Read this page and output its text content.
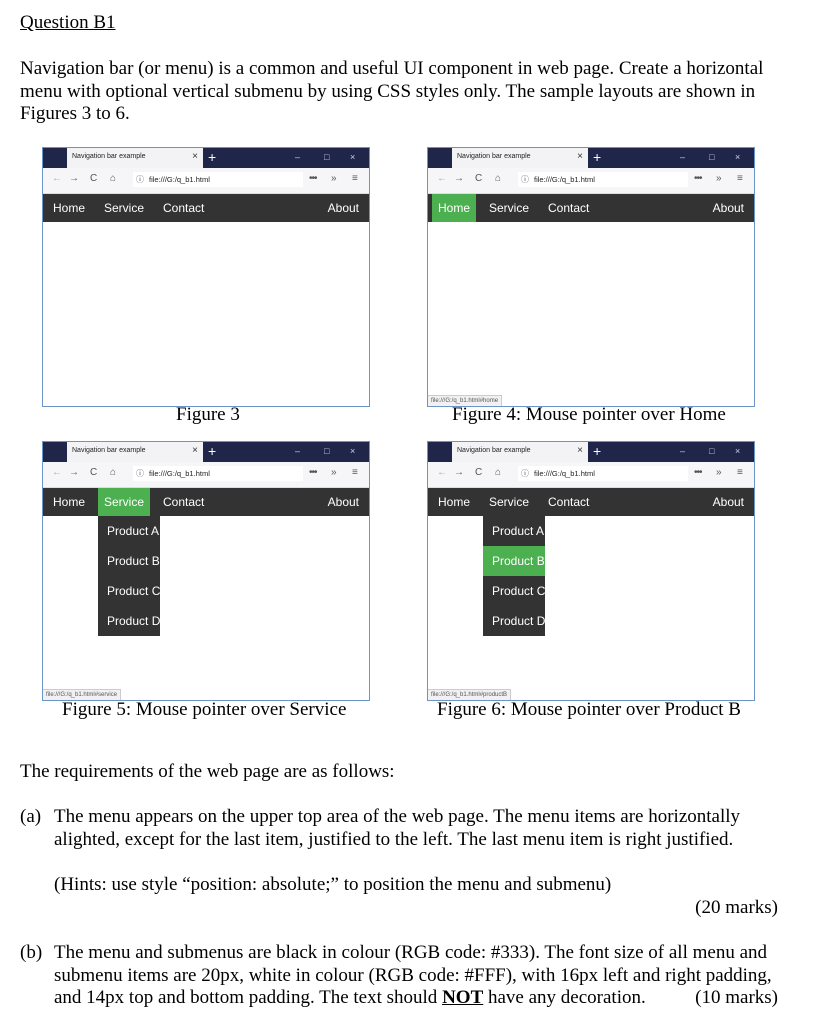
Question B1
Navigation bar (or menu) is a common and useful UI component in web page. Create a horizontal
menu with optional vertical submenu by using CSS styles only. The sample layouts are shown in
Figures 3 to 6.
Navigation bar example	× +	–	□ ×
← → C ⌂ ⓘ file:///G:/q_b1.html	••• » ≡
Home	Service	Contact	About
Figure 3
Navigation bar example	× +	–	□ ×
← → C ⌂ ⓘ file:///G:/q_b1.html	••• » ≡
Home	Service	Contact	About
file:///G:/q_b1.html#home
Figure 4: Mouse pointer over Home
Navigation bar example	× +	–	□ ×
← → C ⌂ ⓘ file:///G:/q_b1.html	••• » ≡
Home	Service	Contact	About
Product A
Product B
Product C
Product D
file:///G:/q_b1.html#service
Figure 5: Mouse pointer over Service
Navigation bar example	× +	–	□ ×
← → C ⌂ ⓘ file:///G:/q_b1.html	••• » ≡
Home	Service	Contact	About
Product A
Product B
Product C
Product D
file:///G:/q_b1.html#productB
Figure 6: Mouse pointer over Product B
The requirements of the web page are as follows:
(a) The menu appears on the upper top area of the web page. The menu items are horizontally
alighted, except for the last item, justified to the left. The last menu item is right justified.
(Hints: use style “position: absolute;” to position the menu and submenu)
(20 marks)
(b) The menu and submenus are black in colour (RGB code: #333). The font size of all menu and
submenu items are 20px, white in colour (RGB code: #FFF), with 16px left and right padding,
and 14px top and bottom padding. The text should NOT have any decoration.	(10 marks)
